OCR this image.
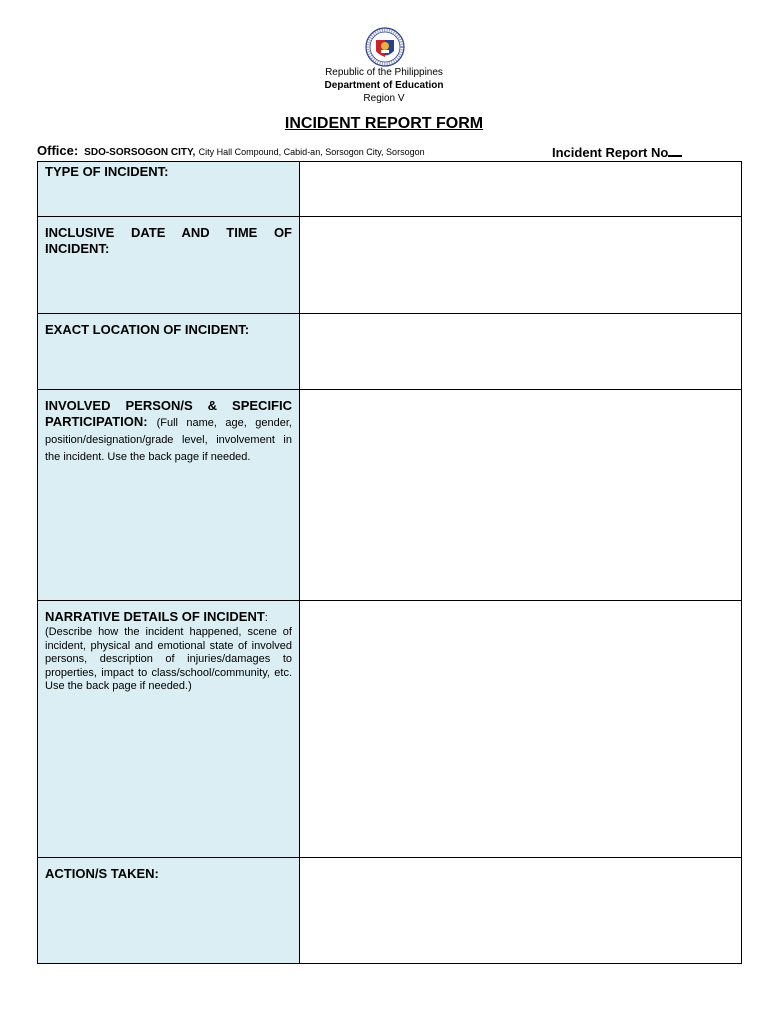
Republic of the Philippines
Department of Education
Region V
INCIDENT REPORT FORM
Office: SDO-SORSOGON CITY, City Hall Compound, Cabid-an, Sorsogon City, Sorsogon	Incident Report No

TYPE OF INCIDENT:	

INCLUSIVE DATE AND TIME OF INCIDENT:	

EXACT LOCATION OF INCIDENT:	

INVOLVED PERSON/S & SPECIFIC PARTICIPATION: (Full name, age, gender, position/designation/grade level, involvement in the incident. Use the back page if needed.	

NARRATIVE DETAILS OF INCIDENT:

(Describe how the incident happened, scene of incident, physical and emotional state of involved persons, description of injuries/damages to properties, impact to class/school/community, etc. Use the back page if needed.)	

ACTION/S TAKEN:	
